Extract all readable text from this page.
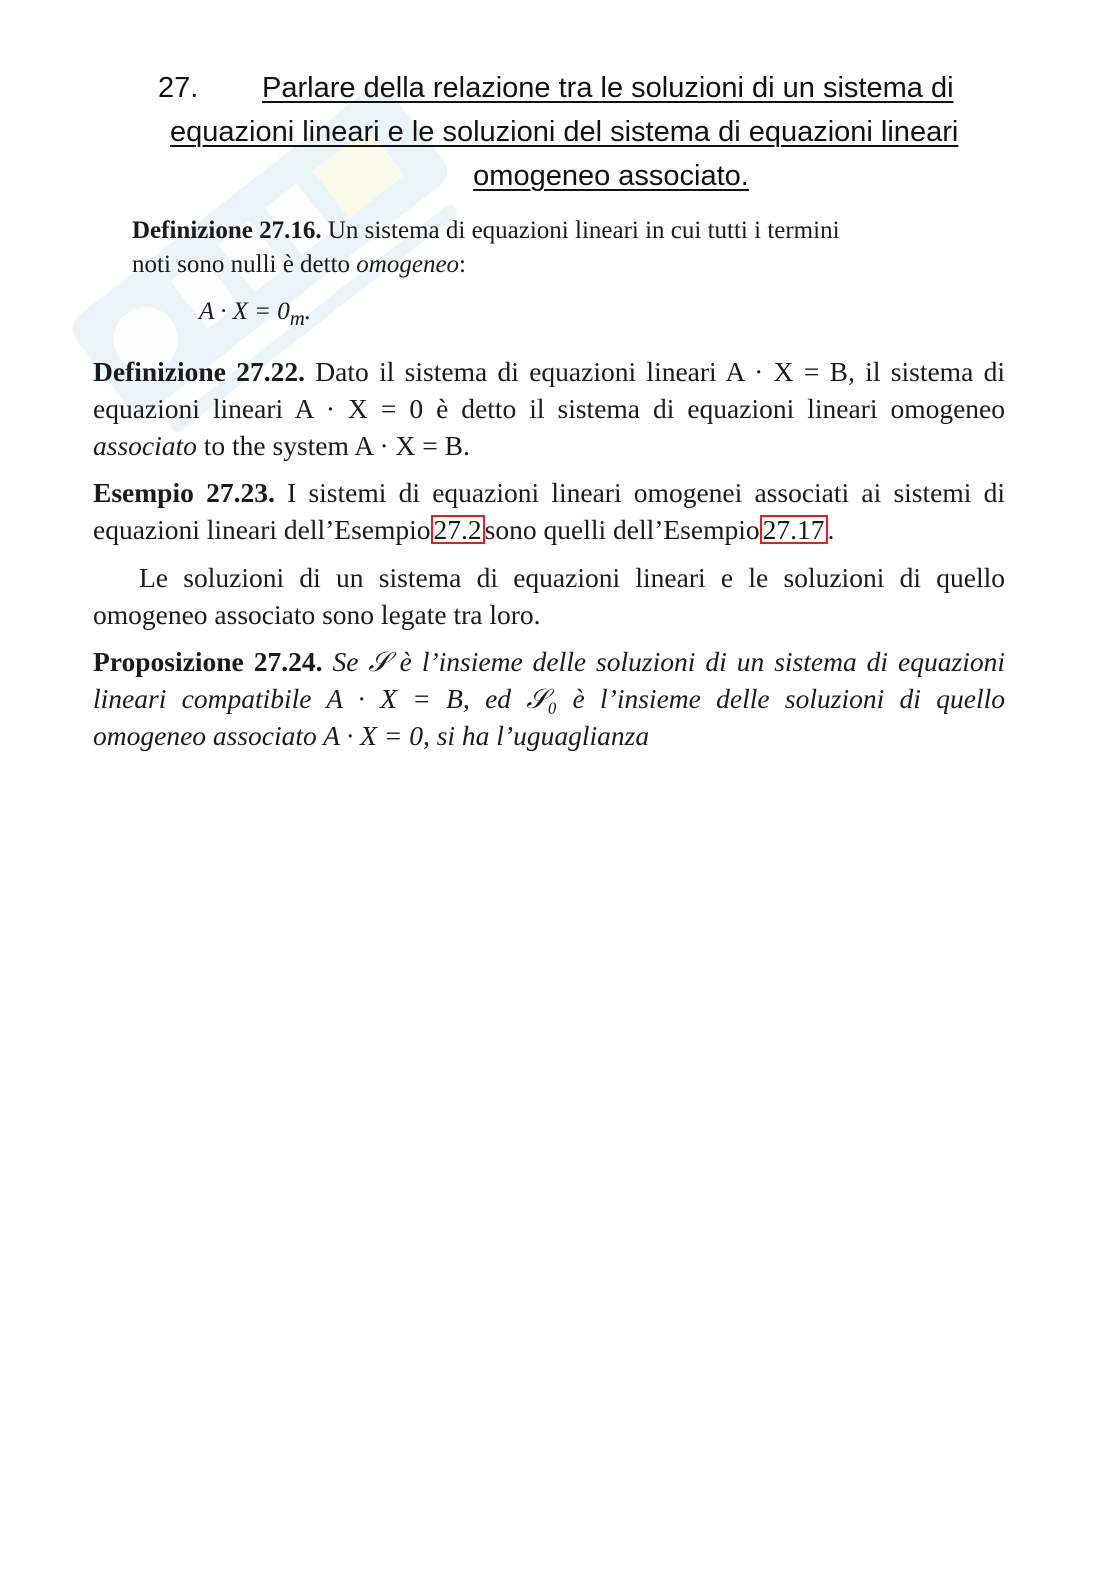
27. Parlare della relazione tra le soluzioni di un sistema di
equazioni lineari e le soluzioni del sistema di equazioni lineari
omogeneo associato.
Definizione 27.16. Un sistema di equazioni lineari in cui tutti i termini
noti sono nulli è detto omogeneo:
$A \cdot X = 0_m$.
Definizione 27.22. Dato il sistema di equazioni lineari A · X = B, il sistema di equazioni lineari A · X = 0 è detto il sistema di equazioni lineari omogeneo associato to the system A · X = B.
Esempio 27.23. I sistemi di equazioni lineari omogenei associati ai sistemi di equazioni lineari dell’Esempio 27.2 sono quelli dell’Esempio 27.17 .
Le soluzioni di un sistema di equazioni lineari e le soluzioni di quello omogeneo associato sono legate tra loro.
Proposizione 27.24. Se 𝒮 è l’insieme delle soluzioni di un sistema di equazioni lineari compatibile A · X = B, ed 𝒮₀ è l’insieme delle soluzioni di quello omogeneo associato A · X = 0, si ha l’uguaglianza
